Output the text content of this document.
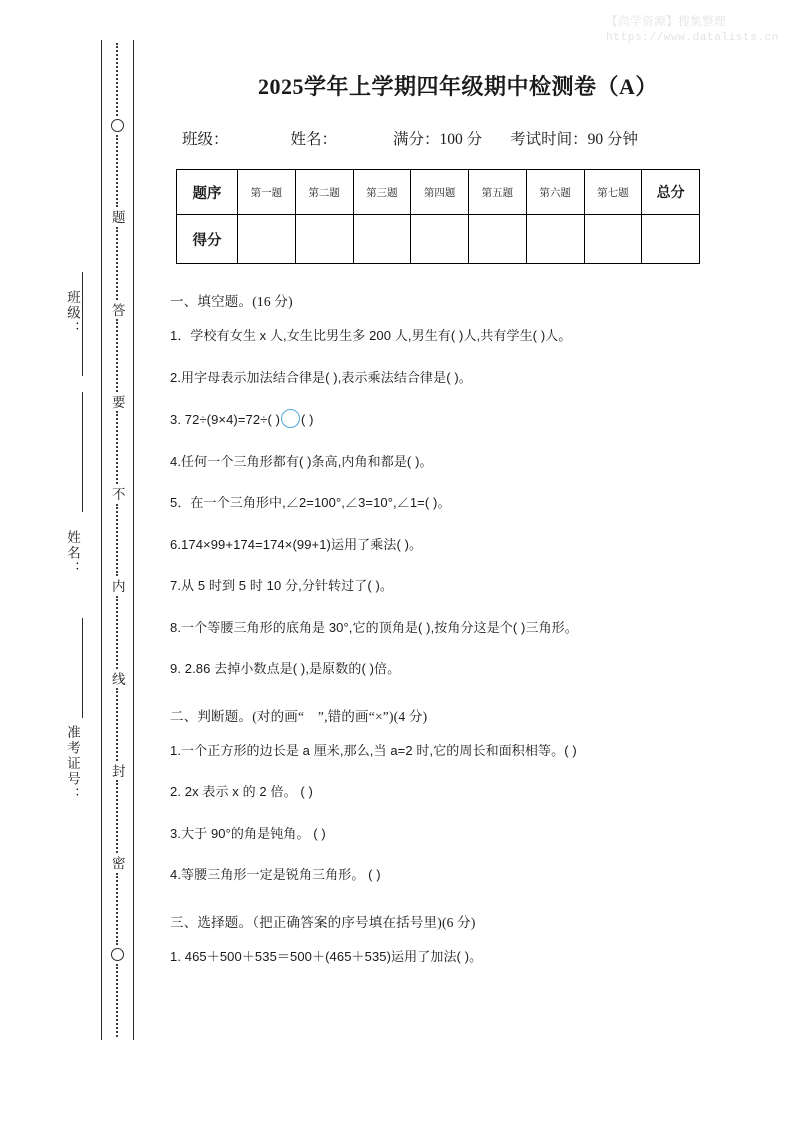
【尚学资源】搜集整理
https://www.datalists.cn
班级：
姓名：
准考证号：
题
答
要
不
内
线
封
密
2025学年上学期四年级期中检测卷（A）
班级：	姓名：	满分：100 分 考试时间：90 分钟
题序	第一题	第二题	第三题	第四题	第五题	第六题	第七题	总分
得分								
一、填空题。(16 分)
1．学校有女生 x 人,女生比男生多 200 人,男生有( )人,共有学生( )人。
2.用字母表示加法结合律是( ),表示乘法结合律是( )。
3. 72÷(9×4)=72÷( ) ( )
4.任何一个三角形都有( )条高,内角和都是( )。
5．在一个三角形中,∠2=100°,∠3=10°,∠1=( )。
6.174×99+174=174×(99+1)运用了乘法( )。
7.从 5 时到 5 时 10 分,分针转过了( )。
8.一个等腰三角形的底角是 30°,它的顶角是( ),按角分这是个( )三角形。
9. 2.86 去掉小数点是( ),是原数的( )倍。
二、判断题。(对的画“　”,错的画“×”)(4 分)
1.一个正方形的边长是 a 厘米,那么,当 a=2 时,它的周长和面积相等。( )
2. 2x 表示 x 的 2 倍。 ( )
3.大于 90°的角是钝角。 ( )
4.等腰三角形一定是锐角三角形。 ( )
三、选择题。（把正确答案的序号填在括号里)(6 分)
1. 465＋500＋535＝500＋(465＋535)运用了加法( )。
